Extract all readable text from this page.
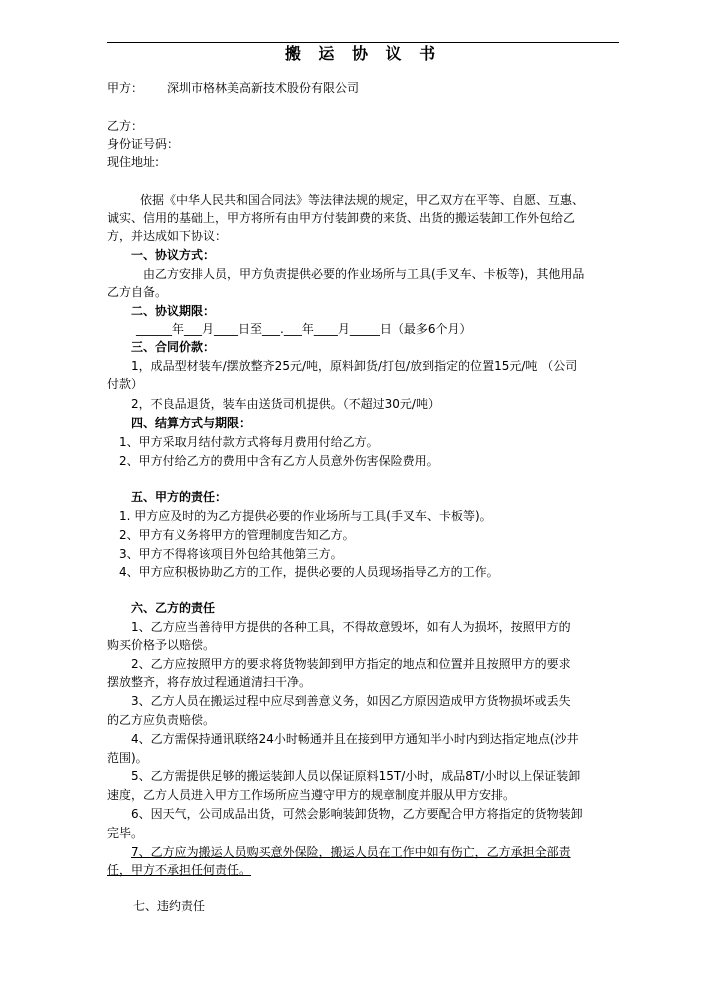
搬 运 协 议 书
甲方： 深圳市格林美高新技术股份有限公司
乙方：
身份证号码：
现住地址:
依据《中华人民共和国合同法》等法律法规的规定，甲乙双方在平等、自愿、互惠、
诚实、信用的基础上，甲方将所有由甲方付装卸费的来货、出货的搬运装卸工作外包给乙
方，并达成如下协议：
一、协议方式：
由乙方安排人员，甲方负责提供必要的作业场所与工具(手叉车、卡板等)，其他用品
乙方自备。
二、协议期限：
______年___月____日至___.___年____月_____日（最多6个月）
三、合同价款：
1，成品型材装车/摆放整齐25元/吨，原料卸货/打包/放到指定的位置15元/吨 （公司
付款）
2，不良品退货，装车由送货司机提供。（不超过30元/吨）
四、结算方式与期限：
1、甲方采取月结付款方式将每月费用付给乙方。
2、甲方付给乙方的费用中含有乙方人员意外伤害保险费用。
五、甲方的责任：
1. 甲方应及时的为乙方提供必要的作业场所与工具(手叉车、卡板等)。
2、甲方有义务将甲方的管理制度告知乙方。
3、甲方不得将该项目外包给其他第三方。
4、甲方应积极协助乙方的工作，提供必要的人员现场指导乙方的工作。
六、乙方的责任
1、乙方应当善待甲方提供的各种工具，不得故意毁坏，如有人为损坏，按照甲方的
购买价格予以赔偿。
2、乙方应按照甲方的要求将货物装卸到甲方指定的地点和位置并且按照甲方的要求
摆放整齐，将存放过程通道清扫干净。
3、乙方人员在搬运过程中应尽到善意义务，如因乙方原因造成甲方货物损坏或丢失
的乙方应负责赔偿。
4、乙方需保持通讯联络24小时畅通并且在接到甲方通知半小时内到达指定地点(沙井
范围)。
5、乙方需提供足够的搬运装卸人员以保证原料15T/小时，成品8T/小时以上保证装卸
速度，乙方人员进入甲方工作场所应当遵守甲方的规章制度并服从甲方安排。
6、因天气，公司成品出货，可然会影响装卸货物，乙方要配合甲方将指定的货物装卸
完毕。
7、乙方应为搬运人员购买意外保险，搬运人员在工作中如有伤亡，乙方承担全部责
任，甲方不承担任何责任。
七、违约责任
